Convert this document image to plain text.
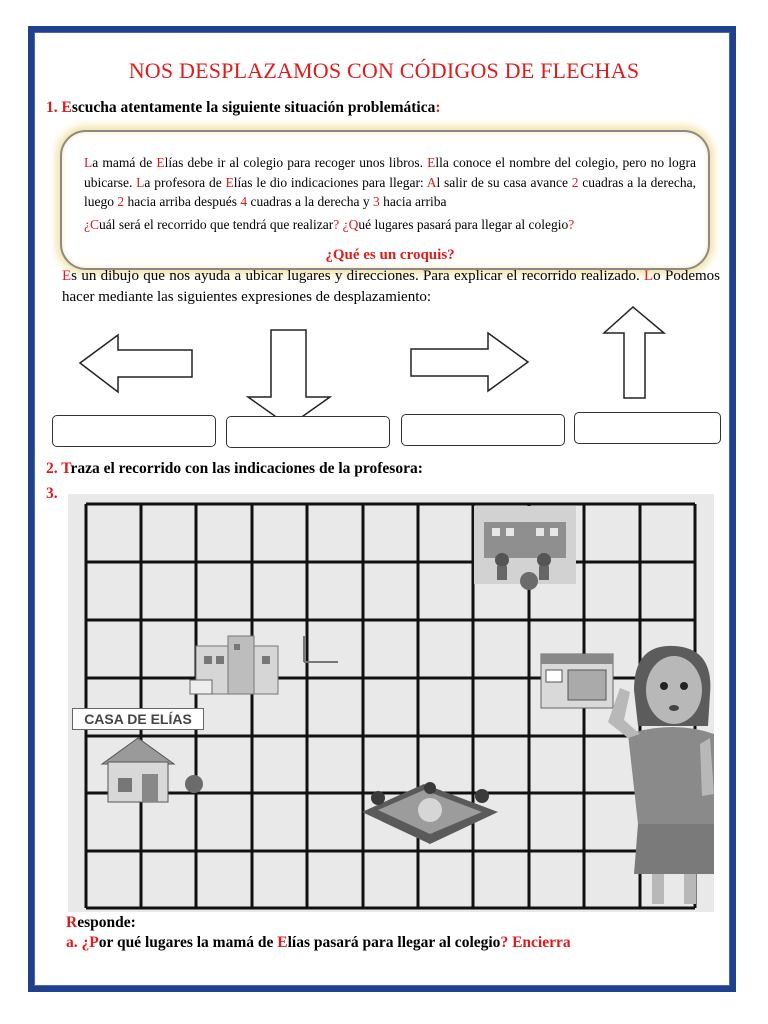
NOS DESPLAZAMOS CON CÓDIGOS DE FLECHAS
1. Escucha atentamente la siguiente situación problemática:
La mamá de Elías debe ir al colegio para recoger unos libros. Ella conoce el nombre del colegio, pero no logra ubicarse. La profesora de Elías le dio indicaciones para llegar: Al salir de su casa avance 2 cuadras a la derecha, luego 2 hacia arriba después 4 cuadras a la derecha y 3 hacia arriba
¿Cuál será el recorrido que tendrá que realizar? ¿Qué lugares pasará para llegar al colegio?
¿Qué es un croquis?
Es un dibujo que nos ayuda a ubicar lugares y direcciones. Para explicar el recorrido realizado. Lo Podemos hacer mediante las siguientes expresiones de desplazamiento:
2. Traza el recorrido con las indicaciones de la profesora:
3.
CASA DE ELÍAS
Responde:
a. ¿Por qué lugares la mamá de Elías pasará para llegar al colegio? Encierra
